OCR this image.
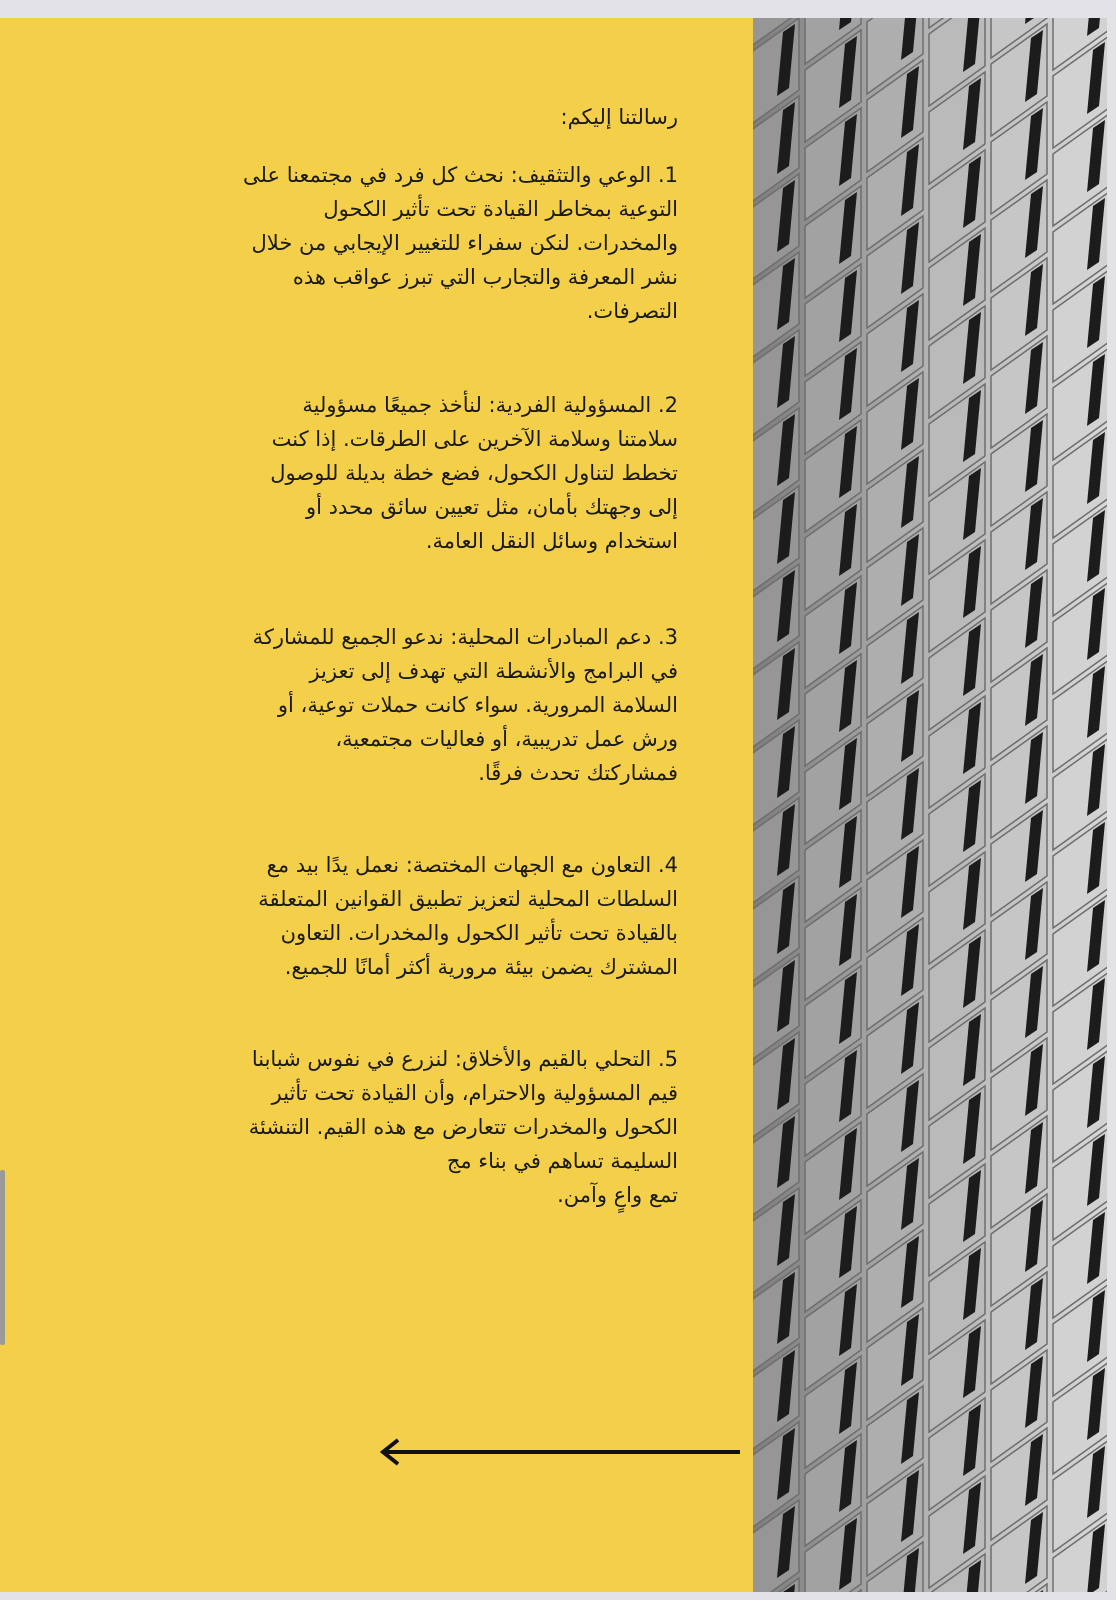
رسالتنا إليكم:

1. الوعي والتثقيف: نحث كل فرد في مجتمعنا على
التوعية بمخاطر القيادة تحت تأثير الكحول
والمخدرات. لنكن سفراء للتغيير الإيجابي من خلال
نشر المعرفة والتجارب التي تبرز عواقب هذه
التصرفات.

2. المسؤولية الفردية: لنأخذ جميعًا مسؤولية
سلامتنا وسلامة الآخرين على الطرقات. إذا كنت
تخطط لتناول الكحول، فضع خطة بديلة للوصول
إلى وجهتك بأمان، مثل تعيين سائق محدد أو
استخدام وسائل النقل العامة.

3. دعم المبادرات المحلية: ندعو الجميع للمشاركة
في البرامج والأنشطة التي تهدف إلى تعزيز
السلامة المرورية. سواء كانت حملات توعية، أو
ورش عمل تدريبية، أو فعاليات مجتمعية،
فمشاركتك تحدث فرقًا.

4. التعاون مع الجهات المختصة: نعمل يدًا بيد مع
السلطات المحلية لتعزيز تطبيق القوانين المتعلقة
بالقيادة تحت تأثير الكحول والمخدرات. التعاون
المشترك يضمن بيئة مرورية أكثر أمانًا للجميع.

5. التحلي بالقيم والأخلاق: لنزرع في نفوس شبابنا
قيم المسؤولية والاحترام، وأن القيادة تحت تأثير
الكحول والمخدرات تتعارض مع هذه القيم. التنشئة
السليمة تساهم في بناء مج
تمع واعٍ وآمن.
